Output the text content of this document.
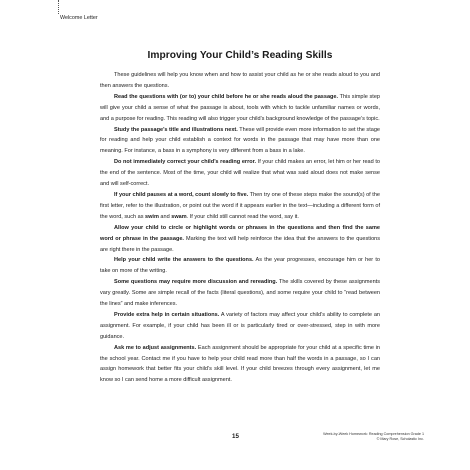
Welcome Letter
Improving Your Child’s Reading Skills

These guidelines will help you know when and how to assist your child as he or she reads aloud to you and then answers the questions.

Read the questions with (or to) your child before he or she reads aloud the passage. This simple step will give your child a sense of what the passage is about, tools with which to tackle unfamiliar names or words, and a purpose for reading. This reading will also trigger your child’s background knowledge of the passage’s topic.

Study the passage’s title and illustrations next. These will provide even more information to set the stage for reading and help your child establish a context for words in the passage that may have more than one meaning. For instance, a bass in a symphony is very different from a bass in a lake.

Do not immediately correct your child’s reading error. If your child makes an error, let him or her read to the end of the sentence. Most of the time, your child will realize that what was said aloud does not make sense and will self-correct.

If your child pauses at a word, count slowly to five. Then try one of these steps make the sound(s) of the first letter, refer to the illustration, or point out the word if it appears earlier in the text—including a different form of the word, such as swim and swam. If your child still cannot read the word, say it.

Allow your child to circle or highlight words or phrases in the questions and then find the same word or phrase in the passage. Marking the text will help reinforce the idea that the answers to the questions are right there in the passage.

Help your child write the answers to the questions. As the year progresses, encourage him or her to take on more of the writing.

Some questions may require more discussion and rereading. The skills covered by these assignments vary greatly. Some are simple recall of the facts (literal questions), and some require your child to “read between the lines” and make inferences.

Provide extra help in certain situations. A variety of factors may affect your child’s ability to complete an assignment. For example, if your child has been ill or is particularly tired or over-stressed, step in with more guidance.

Ask me to adjust assignments. Each assignment should be appropriate for your child at a specific time in the school year. Contact me if you have to help your child read more than half the words in a passage, so I can assign homework that better fits your child’s skill level. If your child breezes through every assignment, let me know so I can send home a more difficult assignment.

15	Week-by-Week Homework: Reading Comprehension Grade 1
© Mary Rose, Scholastic Inc.
